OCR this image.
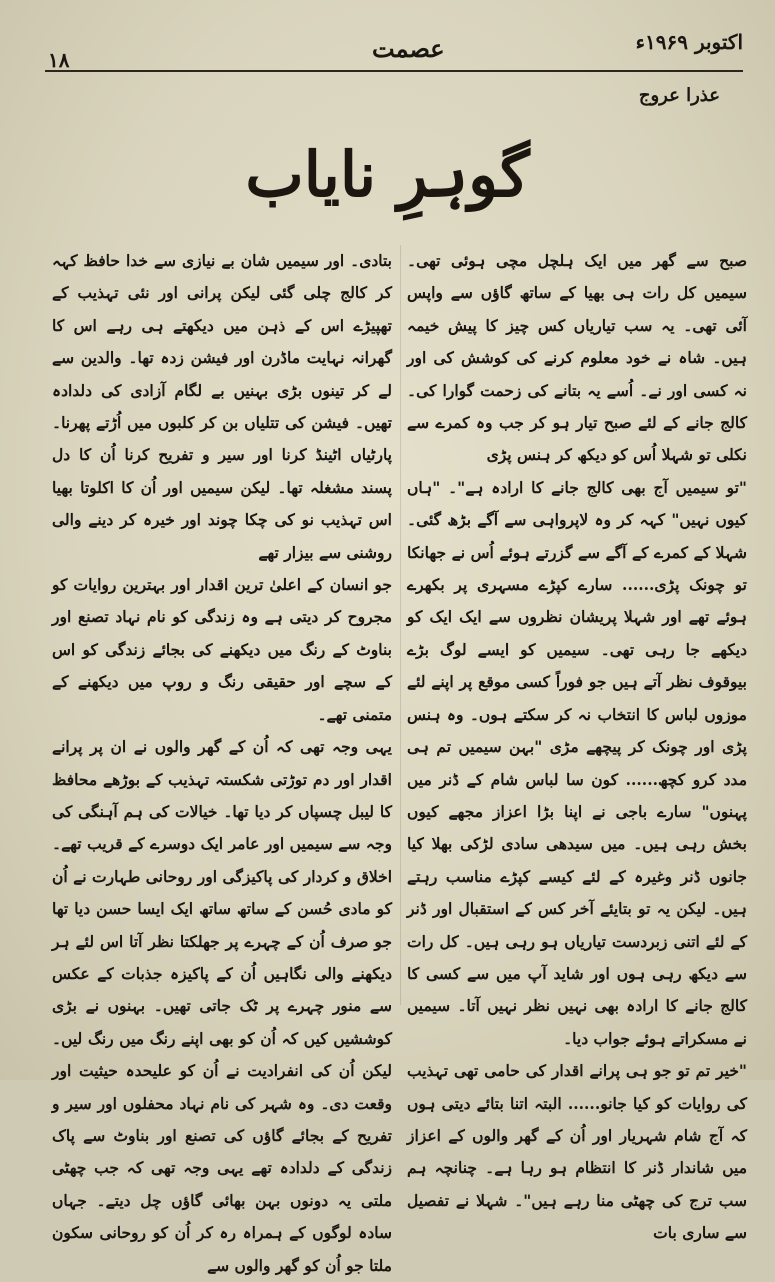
۱۸	عصمت	اکتوبر ۱۹۶۹ء
عذرا عروج
گوہرِ نایاب

صبح سے گھر میں ایک ہلچل مچی ہوئی تھی۔ سیمیں کل رات ہی بھیا کے ساتھ گاؤں سے واپس آئی تھی۔ یہ سب تیاریاں کس چیز کا پیش خیمہ ہیں۔ شاہ نے خود معلوم کرنے کی کوشش کی اور نہ کسی اور نے۔ اُسے یہ بتانے کی زحمت گوارا کی۔ کالج جانے کے لئے صبح تیار ہو کر جب وہ کمرے سے نکلی تو شہلا اُس کو دیکھ کر ہنس پڑی

"تو سیمیں آج بھی کالج جانے کا ارادہ ہے"۔ "ہاں کیوں نہیں" کہہ کر وہ لاپرواہی سے آگے بڑھ گئی۔ شہلا کے کمرے کے آگے سے گزرتے ہوئے اُس نے جھانکا تو چونک پڑی...... سارے کپڑے مسہری پر بکھرے ہوئے تھے اور شہلا پریشان نظروں سے ایک ایک کو دیکھے جا رہی تھی۔ سیمیں کو ایسے لوگ بڑے بیوقوف نظر آتے ہیں جو فوراً کسی موقع پر اپنے لئے موزوں لباس کا انتخاب نہ کر سکتے ہوں۔ وہ ہنس پڑی اور چونک کر پیچھے مڑی "بہن سیمیں تم ہی مدد کرو کچھ...... کون سا لباس شام کے ڈنر میں پہنوں" سارے باجی نے اپنا بڑا اعزاز مجھے کیوں بخش رہی ہیں۔ میں سیدھی سادی لڑکی بھلا کیا جانوں ڈنر وغیرہ کے لئے کیسے کپڑے مناسب رہتے ہیں۔ لیکن یہ تو بتایئے آخر کس کے استقبال اور ڈنر کے لئے اتنی زبردست تیاریاں ہو رہی ہیں۔ کل رات سے دیکھ رہی ہوں اور شاید آپ میں سے کسی کا کالج جانے کا ارادہ بھی نہیں نظر نہیں آتا۔ سیمیں نے مسکراتے ہوئے جواب دیا۔

"خیر تم تو جو ہی پرانے اقدار کی حامی تھی تہذیب کی روایات کو کیا جانو...... البتہ اتنا بتائے دیتی ہوں کہ آج شام شہریار اور اُن کے گھر والوں کے اعزاز میں شاندار ڈنر کا انتظام ہو رہا ہے۔ چنانچہ ہم سب ترج کی چھٹی منا رہے ہیں"۔ شہلا نے تفصیل سے ساری بات

بتادی۔ اور سیمیں شان بے نیازی سے خدا حافظ کہہ کر کالج چلی گئی لیکن پرانی اور نئی تہذیب کے تھپیڑے اس کے ذہن میں دیکھتے ہی رہے اس کا گھرانہ نہایت ماڈرن اور فیشن زدہ تھا۔ والدین سے لے کر تینوں بڑی بہنیں بے لگام آزادی کی دلدادہ تھیں۔ فیشن کی تتلیاں بن کر کلبوں میں اُڑتے پھرنا۔ پارٹیاں اٹینڈ کرنا اور سیر و تفریح کرنا اُن کا دل پسند مشغلہ تھا۔ لیکن سیمیں اور اُن کا اکلوتا بھیا اس تہذیب نو کی چکا چوند اور خیرہ کر دینے والی روشنی سے بیزار تھے

جو انسان کے اعلیٰ ترین اقدار اور بہترین روایات کو مجروح کر دیتی ہے وہ زندگی کو نام نہاد تصنع اور بناوٹ کے رنگ میں دیکھنے کی بجائے زندگی کو اس کے سچے اور حقیقی رنگ و روپ میں دیکھنے کے متمنی تھے۔

یہی وجہ تھی کہ اُن کے گھر والوں نے ان پر پرانے اقدار اور دم توڑتی شکستہ تہذیب کے بوڑھے محافظ کا لیبل چسپاں کر دیا تھا۔ خیالات کی ہم آہنگی کی وجہ سے سیمیں اور عامر ایک دوسرے کے قریب تھے۔ اخلاق و کردار کی پاکیزگی اور روحانی طہارت نے اُن کو مادی حُسن کے ساتھ ساتھ ایک ایسا حسن دیا تھا جو صرف اُن کے چہرے پر جھلکتا نظر آتا اس لئے ہر دیکھنے والی نگاہیں اُن کے پاکیزہ جذبات کے عکس سے منور چہرے پر ٹک جاتی تھیں۔ بہنوں نے بڑی کوششیں کیں کہ اُن کو بھی اپنے رنگ میں رنگ لیں۔ لیکن اُن کی انفرادیت نے اُن کو علیحدہ حیثیت اور وقعت دی۔ وہ شہر کی نام نہاد محفلوں اور سیر و تفریح کے بجائے گاؤں کی تصنع اور بناوٹ سے پاک زندگی کے دلدادہ تھے یہی وجہ تھی کہ جب چھٹی ملتی یہ دونوں بہن بھائی گاؤں چل دیتے۔ جہاں سادہ لوگوں کے ہمراہ رہ کر اُن کو روحانی سکون ملتا جو اُن کو گھر والوں سے
